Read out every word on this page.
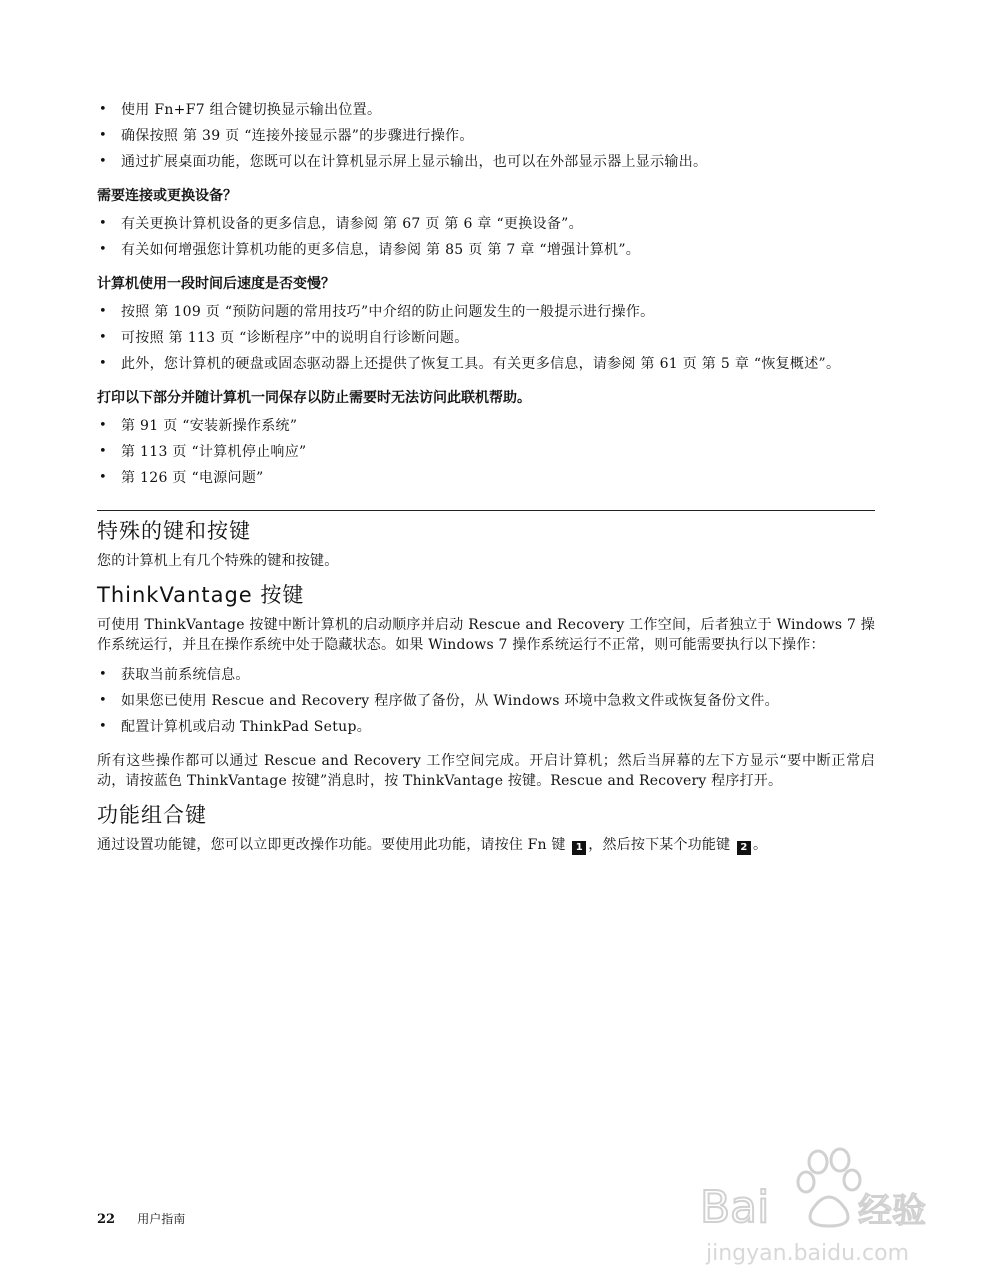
• 使用 Fn+F7 组合键切换显示输出位置。
• 确保按照 第 39 页 “连接外接显示器”的步骤进行操作。
• 通过扩展桌面功能，您既可以在计算机显示屏上显示输出，也可以在外部显示器上显示输出。
需要连接或更换设备？
• 有关更换计算机设备的更多信息，请参阅 第 67 页 第 6 章 “更换设备”。
• 有关如何增强您计算机功能的更多信息，请参阅 第 85 页 第 7 章 “增强计算机”。
计算机使用一段时间后速度是否变慢？
• 按照 第 109 页 “预防问题的常用技巧”中介绍的防止问题发生的一般提示进行操作。
• 可按照 第 113 页 “诊断程序”中的说明自行诊断问题。
• 此外，您计算机的硬盘或固态驱动器上还提供了恢复工具。有关更多信息，请参阅 第 61 页 第 5 章 “恢复概述”。
打印以下部分并随计算机一同保存以防止需要时无法访问此联机帮助。
• 第 91 页 “安装新操作系统”
• 第 113 页 “计算机停止响应”
• 第 126 页 “电源问题”
特殊的键和按键

您的计算机上有几个特殊的键和按键。

ThinkVantage 按键

可使用 ThinkVantage 按键中断计算机的启动顺序并启动 Rescue and Recovery 工作空间，后者独立于 Windows 7 操作系统运行，并且在操作系统中处于隐藏状态。如果 Windows 7 操作系统运行不正常，则可能需要执行以下操作：

• 获取当前系统信息。
• 如果您已使用 Rescue and Recovery 程序做了备份，从 Windows 环境中急救文件或恢复备份文件。
• 配置计算机或启动 ThinkPad Setup。

所有这些操作都可以通过 Rescue and Recovery 工作空间完成。开启计算机；然后当屏幕的左下方显示“要中断正常启动，请按蓝色 ThinkVantage 按键”消息时，按 ThinkVantage 按键。Rescue and Recovery 程序打开。

功能组合键

通过设置功能键，您可以立即更改操作功能。要使用此功能，请按住 Fn 键 1 ，然后按下某个功能键 2 。

22 用户指南	Bai	经验
jingyan.baidu.com
